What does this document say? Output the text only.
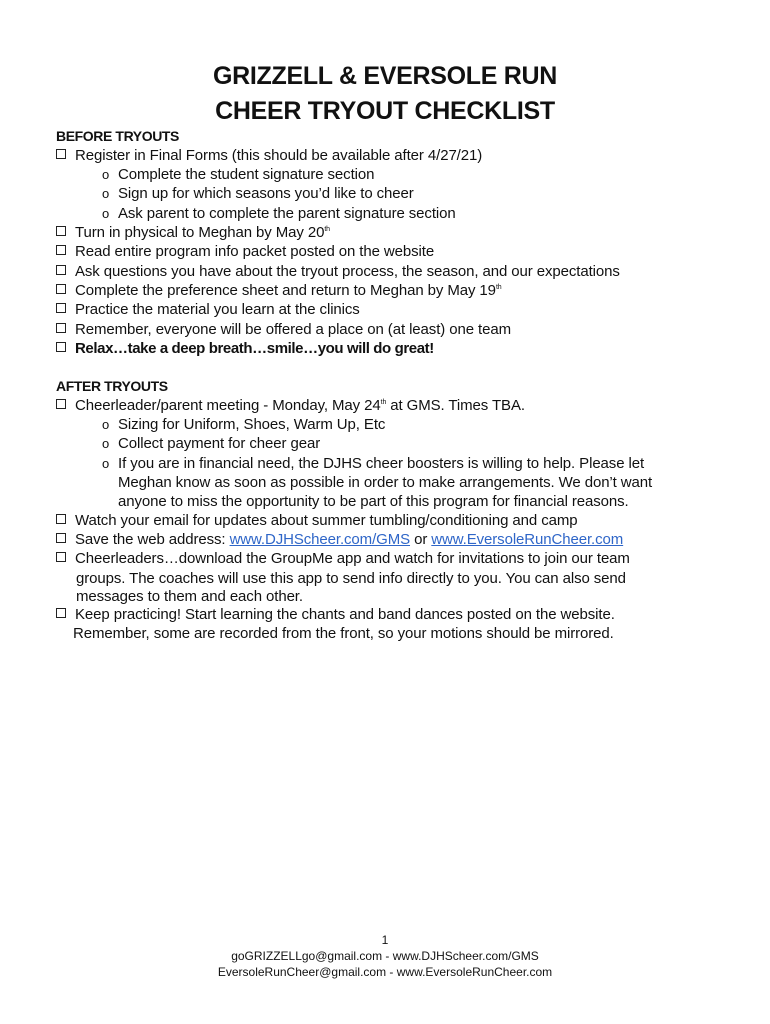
GRIZZELL & EVERSOLE RUN
CHEER TRYOUT CHECKLIST
BEFORE TRYOUTS
Register in Final Forms (this should be available after 4/27/21)
o Complete the student signature section
o Sign up for which seasons you’d like to cheer
o Ask parent to complete the parent signature section
Turn in physical to Meghan by May 20th
Read entire program info packet posted on the website
Ask questions you have about the tryout process, the season, and our expectations
Complete the preference sheet and return to Meghan by May 19th
Practice the material you learn at the clinics
Remember, everyone will be offered a place on (at least) one team
Relax…take a deep breath…smile…you will do great!
AFTER TRYOUTS
Cheerleader/parent meeting - Monday, May 24th at GMS. Times TBA.
o Sizing for Uniform, Shoes, Warm Up, Etc
o Collect payment for cheer gear
o If you are in financial need, the DJHS cheer boosters is willing to help. Please let
Meghan know as soon as possible in order to make arrangements. We don’t want
anyone to miss the opportunity to be part of this program for financial reasons.
Watch your email for updates about summer tumbling/conditioning and camp
Save the web address: www.DJHScheer.com/GMS or www.EversoleRunCheer.com
Cheerleaders…download the GroupMe app and watch for invitations to join our team
groups. The coaches will use this app to send info directly to you. You can also send
messages to them and each other.
Keep practicing! Start learning the chants and band dances posted on the website.
Remember, some are recorded from the front, so your motions should be mirrored.
1
goGRIZZELLgo@gmail.com - www.DJHScheer.com/GMS
EversoleRunCheer@gmail.com - www.EversoleRunCheer.com
